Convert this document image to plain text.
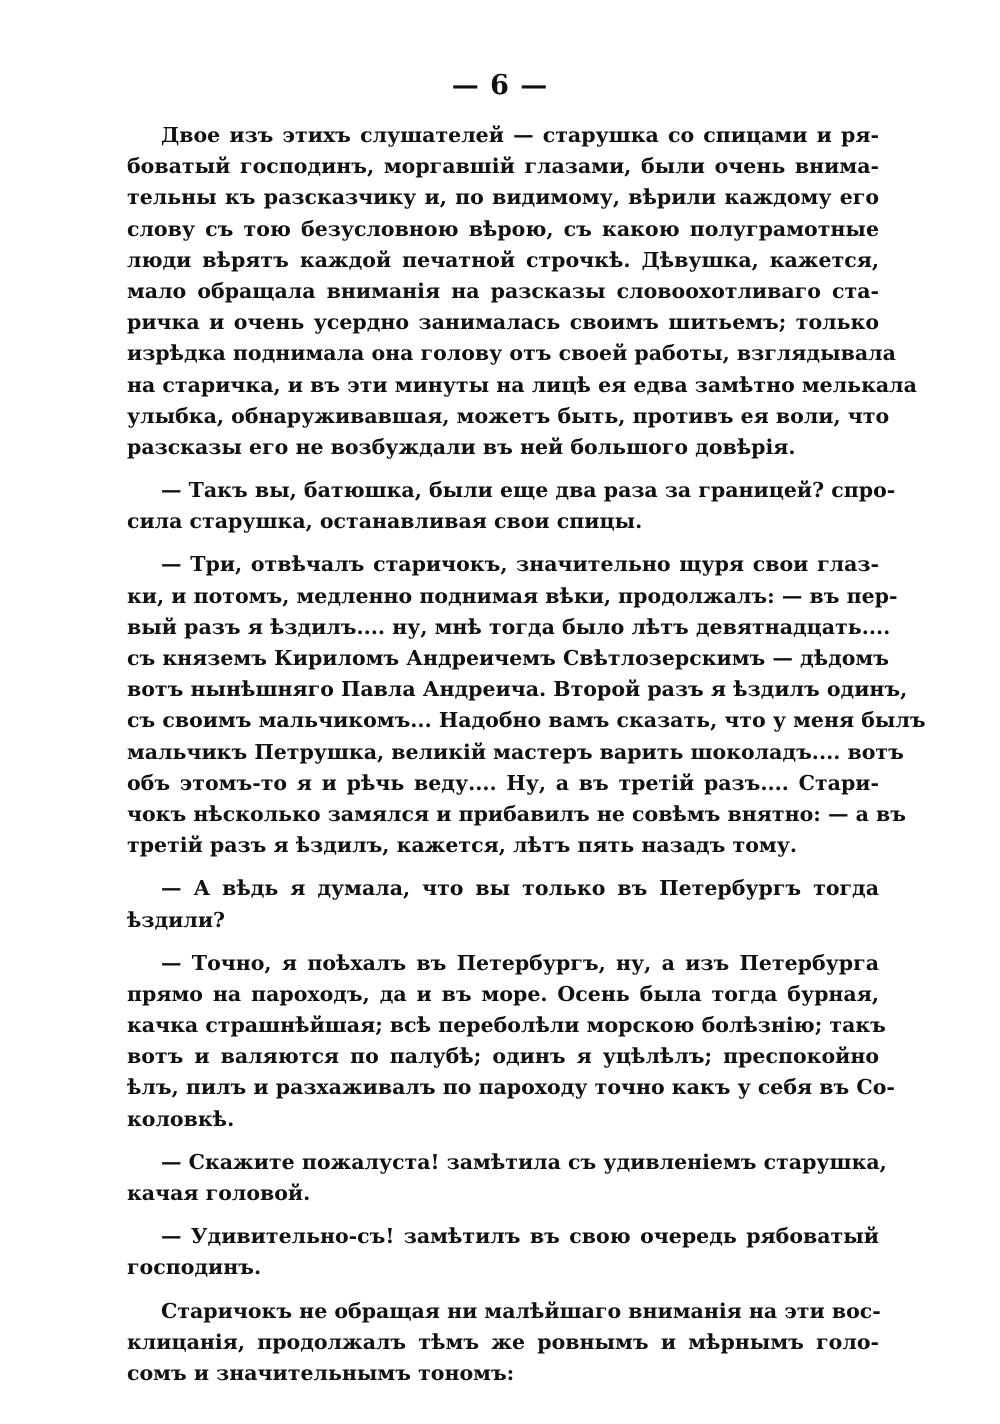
— 6 —
Двое изъ этихъ слушателей — старушка со спицами и ря-
боватый господинъ, моргавшій глазами, были очень внима-
тельны къ разсказчику и, по видимому, вѣрили каждому его
слову съ тою безусловною вѣрою, съ какою полуграмотные
люди вѣрятъ каждой печатной строчкѣ. Дѣвушка, кажется,
мало обращала вниманія на разсказы словоохотливаго ста-
ричка и очень усердно занималась своимъ шитьемъ; только
изрѣдка поднимала она голову отъ своей работы, взглядывала
на старичка, и въ эти минуты на лицѣ ея едва замѣтно мелькала
улыбка, обнаруживавшая, можетъ быть, противъ ея воли, что
разсказы его не возбуждали въ ней большого довѣрія.
— Такъ вы, батюшка, были еще два раза за границей? спро-
сила старушка, останавливая свои спицы.
— Три, отвѣчалъ старичокъ, значительно щуря свои глаз-
ки, и потомъ, медленно поднимая вѣки, продолжалъ: — въ пер-
вый разъ я ѣздилъ.... ну, мнѣ тогда было лѣтъ девятнадцать....
съ княземъ Кириломъ Андреичемъ Свѣтлозерскимъ — дѣдомъ
вотъ нынѣшняго Павла Андреича. Второй разъ я ѣздилъ одинъ,
съ своимъ мальчикомъ... Надобно вамъ сказать, что у меня былъ
мальчикъ Петрушка, великій мастеръ варить шоколадъ.... вотъ
объ этомъ-то я и рѣчь веду.... Ну, а въ третій разъ.... Стари-
чокъ нѣсколько замялся и прибавилъ не совѣмъ внятно: — а въ
третій разъ я ѣздилъ, кажется, лѣтъ пять назадъ тому.
— А вѣдь я думала, что вы только въ Петербургъ тогда
ѣздили?
— Точно, я поѣхалъ въ Петербургъ, ну, а изъ Петербурга
прямо на пароходъ, да и въ море. Осень была тогда бурная,
качка страшнѣйшая; всѣ переболѣли морскою болѣзнію; такъ
вотъ и валяются по палубѣ; одинъ я уцѣлѣлъ; преспокойно
ѣлъ, пилъ и разхаживалъ по пароходу точно какъ у себя въ Со-
коловкѣ.
— Скажите пожалуста! замѣтила съ удивленіемъ старушка,
качая головой.
— Удивительно-съ! замѣтилъ въ свою очередь рябоватый
господинъ.
Старичокъ не обращая ни малѣйшаго вниманія на эти вос-
клицанія, продолжалъ тѣмъ же ровнымъ и мѣрнымъ голо-
сомъ и значительнымъ тономъ:
